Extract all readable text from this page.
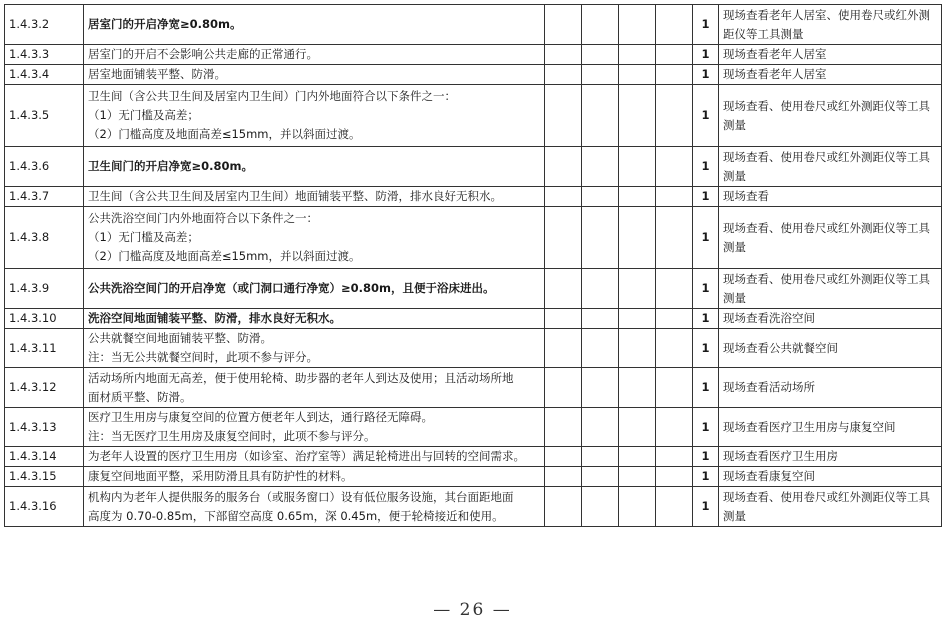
1.4.3.2	居室门的开启净宽≥0.80m。					1	现场查看老年人居室、使用卷尺或红外测
距仪等工具测量

1.4.3.3	居室门的开启不会影响公共走廊的正常通行。					1	现场查看老年人居室

1.4.3.4	居室地面铺装平整、防滑。					1	现场查看老年人居室

1.4.3.5	卫生间（含公共卫生间及居室内卫生间）门内外地面符合以下条件之一：
（1）无门槛及高差；
（2）门槛高度及地面高差≤15mm，并以斜面过渡。					1	现场查看、使用卷尺或红外测距仪等工具
测量

1.4.3.6	卫生间门的开启净宽≥0.80m。					1	现场查看、使用卷尺或红外测距仪等工具
测量

1.4.3.7	卫生间（含公共卫生间及居室内卫生间）地面铺装平整、防滑，排水良好无积水。					1	现场查看

1.4.3.8	公共洗浴空间门内外地面符合以下条件之一：
（1）无门槛及高差；
（2）门槛高度及地面高差≤15mm，并以斜面过渡。					1	现场查看、使用卷尺或红外测距仪等工具
测量

1.4.3.9	公共洗浴空间门的开启净宽（或门洞口通行净宽）≥0.80m，且便于浴床进出。					1	现场查看、使用卷尺或红外测距仪等工具
测量

1.4.3.10	洗浴空间地面铺装平整、防滑，排水良好无积水。					1	现场查看洗浴空间

1.4.3.11	公共就餐空间地面铺装平整、防滑。
注：当无公共就餐空间时，此项不参与评分。					1	现场查看公共就餐空间

1.4.3.12	活动场所内地面无高差，便于使用轮椅、助步器的老年人到达及使用；且活动场所地
面材质平整、防滑。					1	现场查看活动场所

1.4.3.13	医疗卫生用房与康复空间的位置方便老年人到达，通行路径无障碍。
注：当无医疗卫生用房及康复空间时，此项不参与评分。					1	现场查看医疗卫生用房与康复空间

1.4.3.14	为老年人设置的医疗卫生用房（如诊室、治疗室等）满足轮椅进出与回转的空间需求。					1	现场查看医疗卫生用房

1.4.3.15	康复空间地面平整，采用防滑且具有防护性的材料。					1	现场查看康复空间

1.4.3.16	机构内为老年人提供服务的服务台（或服务窗口）设有低位服务设施，其台面距地面
高度为 0.70-0.85m，下部留空高度 0.65m，深 0.45m，便于轮椅接近和使用。					1	现场查看、使用卷尺或红外测距仪等工具
测量
— 26 —
